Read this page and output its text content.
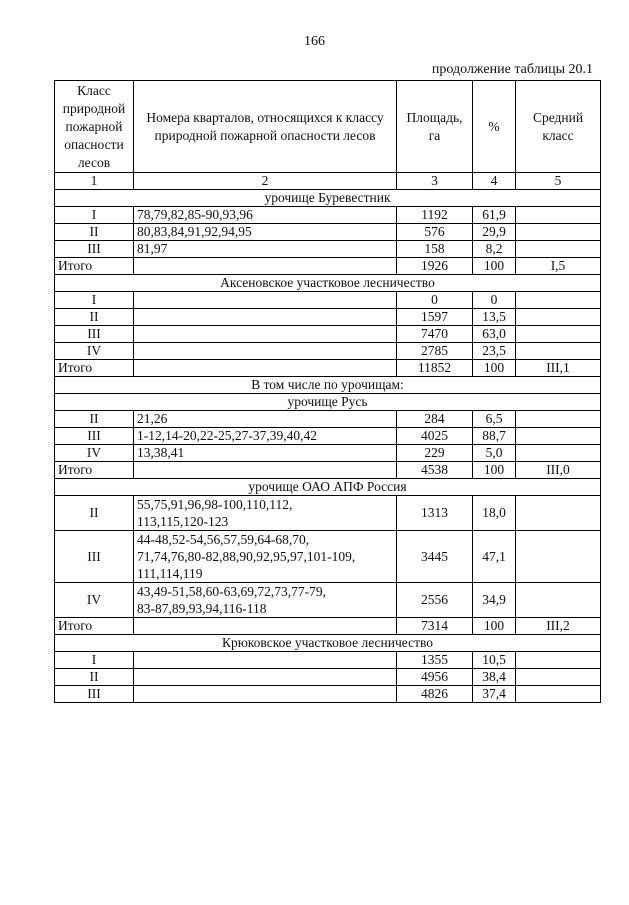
166
продолжение таблицы 20.1
Класс природной пожарной опасности лесов	Номера кварталов, относящихся к классу природной пожарной опасности лесов	Площадь, га	%	Средний класс
1	2	3	4	5
урочище Буревестник				
I	78,79,82,85-90,93,96	1192	61,9	
II	80,83,84,91,92,94,95	576	29,9	
III	81,97	158	8,2	
Итого		1926	100	I,5
Аксеновское участковое лесничество				
I		0	0	
II		1597	13,5	
III		7470	63,0	
IV		2785	23,5	
Итого		11852	100	III,1
В том числе по урочищам:				
урочище Русь				
II	21,26	284	6,5	
III	1-12,14-20,22-25,27-37,39,40,42	4025	88,7	
IV	13,38,41	229	5,0	
Итого		4538	100	III,0
урочище ОАО АПФ Россия				
II	55,75,91,96,98-100,110,112,
113,115,120-123	1313	18,0	
III	44-48,52-54,56,57,59,64-68,70,
71,74,76,80-82,88,90,92,95,97,101-109,
111,114,119	3445	47,1	
IV	43,49-51,58,60-63,69,72,73,77-79,
83-87,89,93,94,116-118	2556	34,9	
Итого		7314	100	III,2
Крюковское участковое лесничество				
I		1355	10,5	
II		4956	38,4	
III		4826	37,4	
